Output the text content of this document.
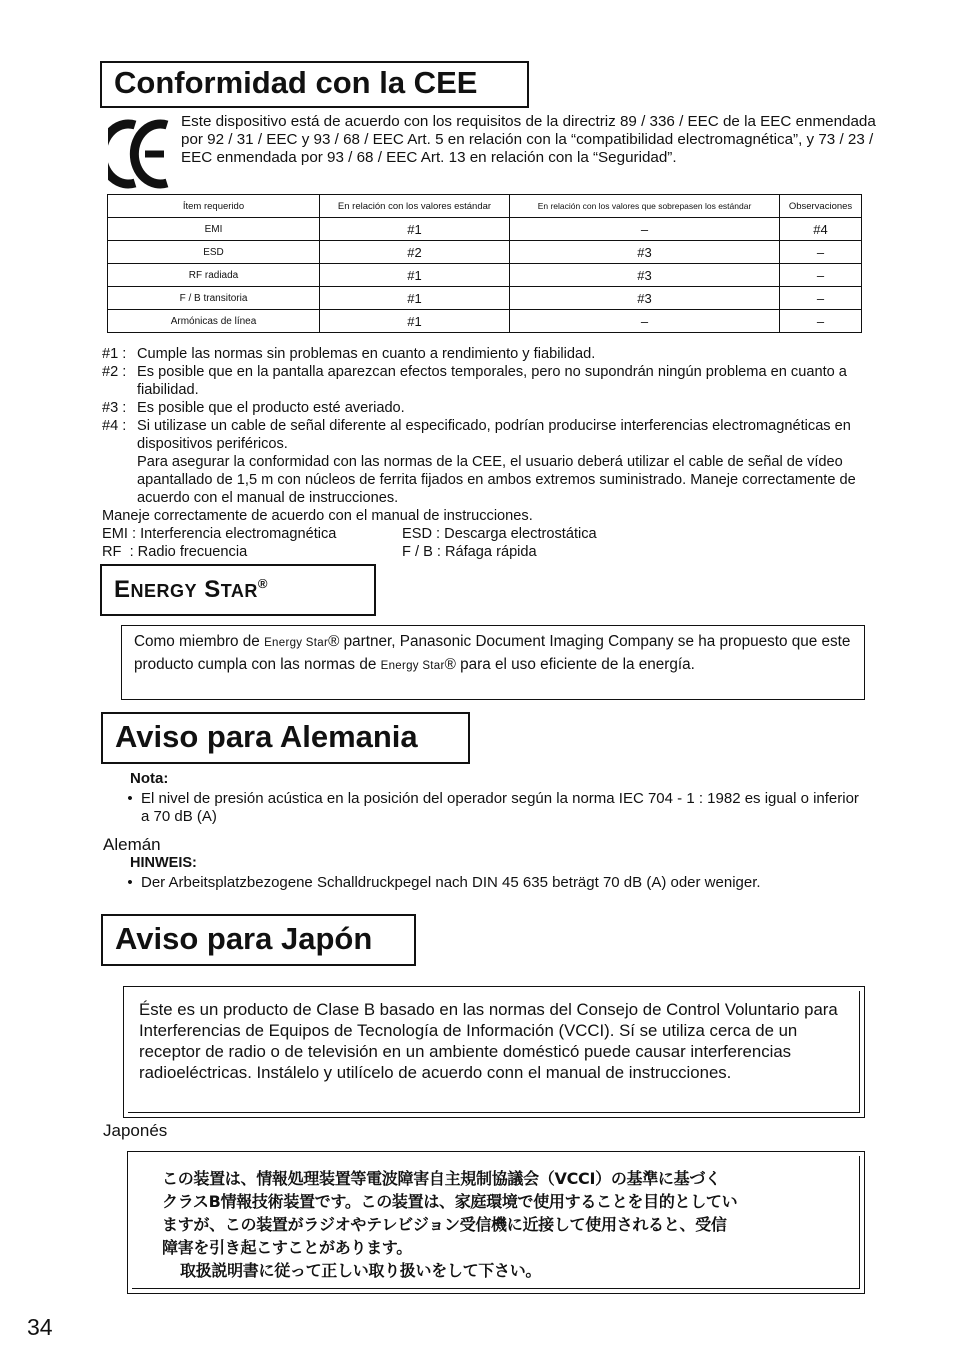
Conformidad con la CEE
Este dispositivo está de acuerdo con los requisitos de la directriz 89 / 336 / EEC de la EEC enmendada por 92 / 31 / EEC y 93 / 68 / EEC Art. 5 en relación con la “compatibilidad electromagnética”, y 73 / 23 / EEC enmendada por 93 / 68 / EEC Art. 13 en relación con la “Seguridad”.
Ítem requerido	En relación con los valores estándar	En relación con los valores que sobrepasen los estándar	Observaciones
EMI	#1	–	#4
ESD	#2	#3	–
RF radiada	#1	#3	–
F / B transitoria	#1	#3	–
Armónicas de línea	#1	–	–
#1 : Cumple las normas sin problemas en cuanto a rendimiento y fiabilidad.
#2 : Es posible que en la pantalla aparezcan efectos temporales, pero no supondrán ningún problema en cuanto a fiabilidad.
#3 : Es posible que el producto esté averiado.
#4 : Si utilizase un cable de señal diferente al especificado, podrían producirse interferencias electromagnéticas en dispositivos periféricos.
Para asegurar la conformidad con las normas de la CEE, el usuario deberá utilizar el cable de señal de vídeo apantallado de 1,5 m con núcleos de ferrita fijados en ambos extremos suministrado. Maneje correctamente de acuerdo con el manual de instrucciones.
Maneje correctamente de acuerdo con el manual de instrucciones.
EMI : Interferencia electromagnética	ESD : Descarga electrostática
RF  : Radio frecuencia	F / B : Ráfaga rápida
ENERGY STAR®

Como miembro de Energy Star® partner, Panasonic Document Imaging Company se ha propuesto que este producto cumpla con las normas de Energy Star® para el uso eficiente de la energía.

Aviso para Alemania
Nota:
• El nivel de presión acústica en la posición del operador según la norma IEC 704 - 1 : 1982 es igual o inferior a 70 dB (A)
Alemán
HINWEIS:
• Der Arbeitsplatzbezogene Schalldruckpegel nach DIN 45 635 beträgt 70 dB (A) oder weniger.
Aviso para Japón

Éste es un producto de Clase B basado en las normas del Consejo de Control Voluntario para Interferencias de Equipos de Tecnología de Información (VCCI). Sí se utiliza cerca de un receptor de radio o de televisión en un ambiente domésticó puede causar interferencias radioeléctricas. Instálelo y utilícelo de acuerdo conn el manual de instrucciones.

Japonés

この装置は、情報処理装置等電波障害自主規制協議会（VCCI）の基準に基づく
クラスB情報技術装置です。この装置は、家庭環境で使用することを目的としてい
ますが、この装置がラジオやテレビジョン受信機に近接して使用されると、受信
障害を引き起こすことがあります。
取扱説明書に従って正しい取り扱いをして下さい。

34
